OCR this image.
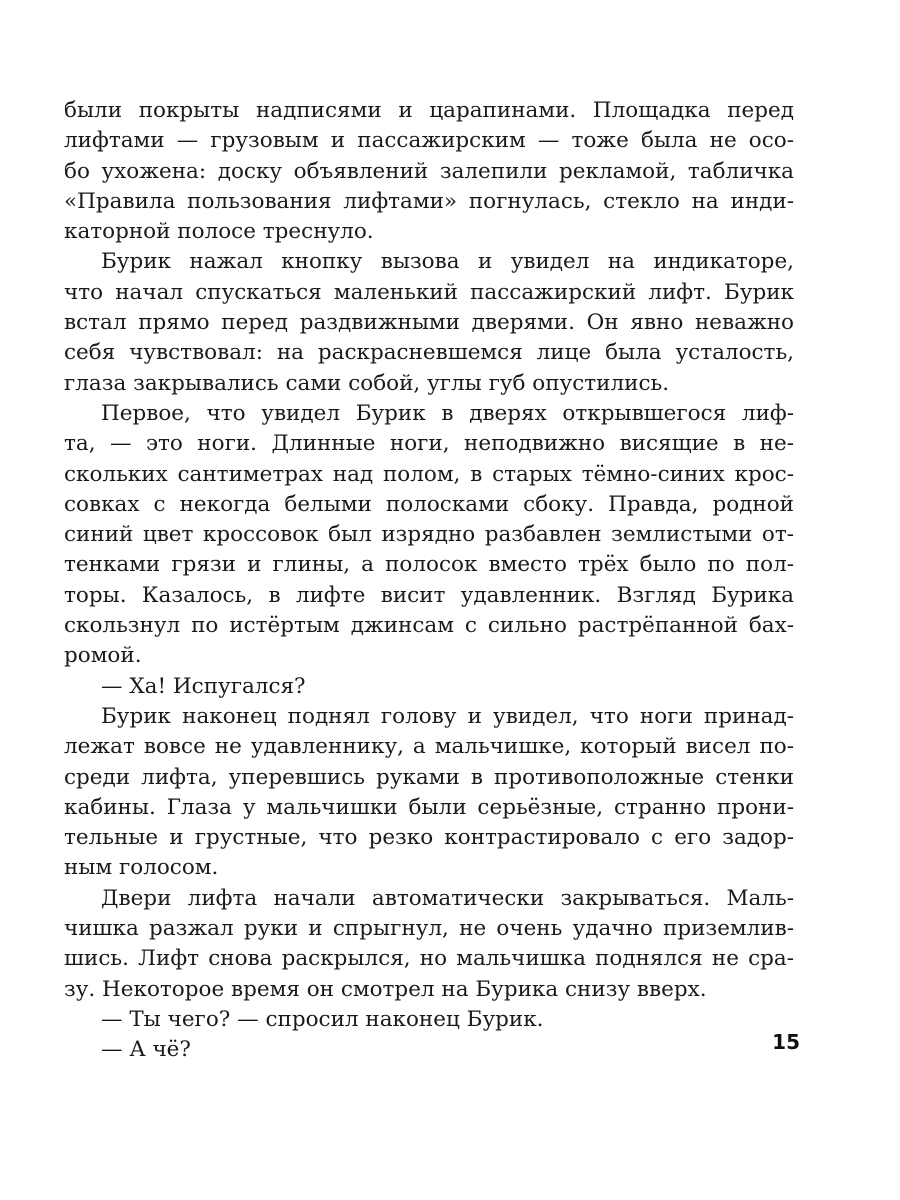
были покрыты надписями и царапинами. Площадка перед
лифтами — грузовым и пассажирским — тоже была не осо-
бо ухожена: доску объявлений залепили рекламой, табличка
«Правила пользования лифтами» погнулась, стекло на инди-
каторной полосе треснуло.
Бурик нажал кнопку вызова и увидел на индикаторе,
что начал спускаться маленький пассажирский лифт. Бурик
встал прямо перед раздвижными дверями. Он явно неважно
себя чувствовал: на раскрасневшемся лице была усталость,
глаза закрывались сами собой, углы губ опустились.
Первое, что увидел Бурик в дверях открывшегося лиф-
та, — это ноги. Длинные ноги, неподвижно висящие в не-
скольких сантиметрах над полом, в старых тёмно-синих крос-
совках с некогда белыми полосками сбоку. Правда, родной
синий цвет кроссовок был изрядно разбавлен землистыми от-
тенками грязи и глины, а полосок вместо трёх было по пол-
торы. Казалось, в лифте висит удавленник. Взгляд Бурика
скользнул по истёртым джинсам с сильно растрёпанной бах-
ромой.
— Ха! Испугался?
Бурик наконец поднял голову и увидел, что ноги принад-
лежат вовсе не удавленнику, а мальчишке, который висел по-
среди лифта, уперевшись руками в противоположные стенки
кабины. Глаза у мальчишки были серьёзные, странно прони-
тельные и грустные, что резко контрастировало с его задор-
ным голосом.
Двери лифта начали автоматически закрываться. Маль-
чишка разжал руки и спрыгнул, не очень удачно приземлив-
шись. Лифт снова раскрылся, но мальчишка поднялся не сра-
зу. Некоторое время он смотрел на Бурика снизу вверх.
— Ты чего? — спросил наконец Бурик.
— А чё?	15
